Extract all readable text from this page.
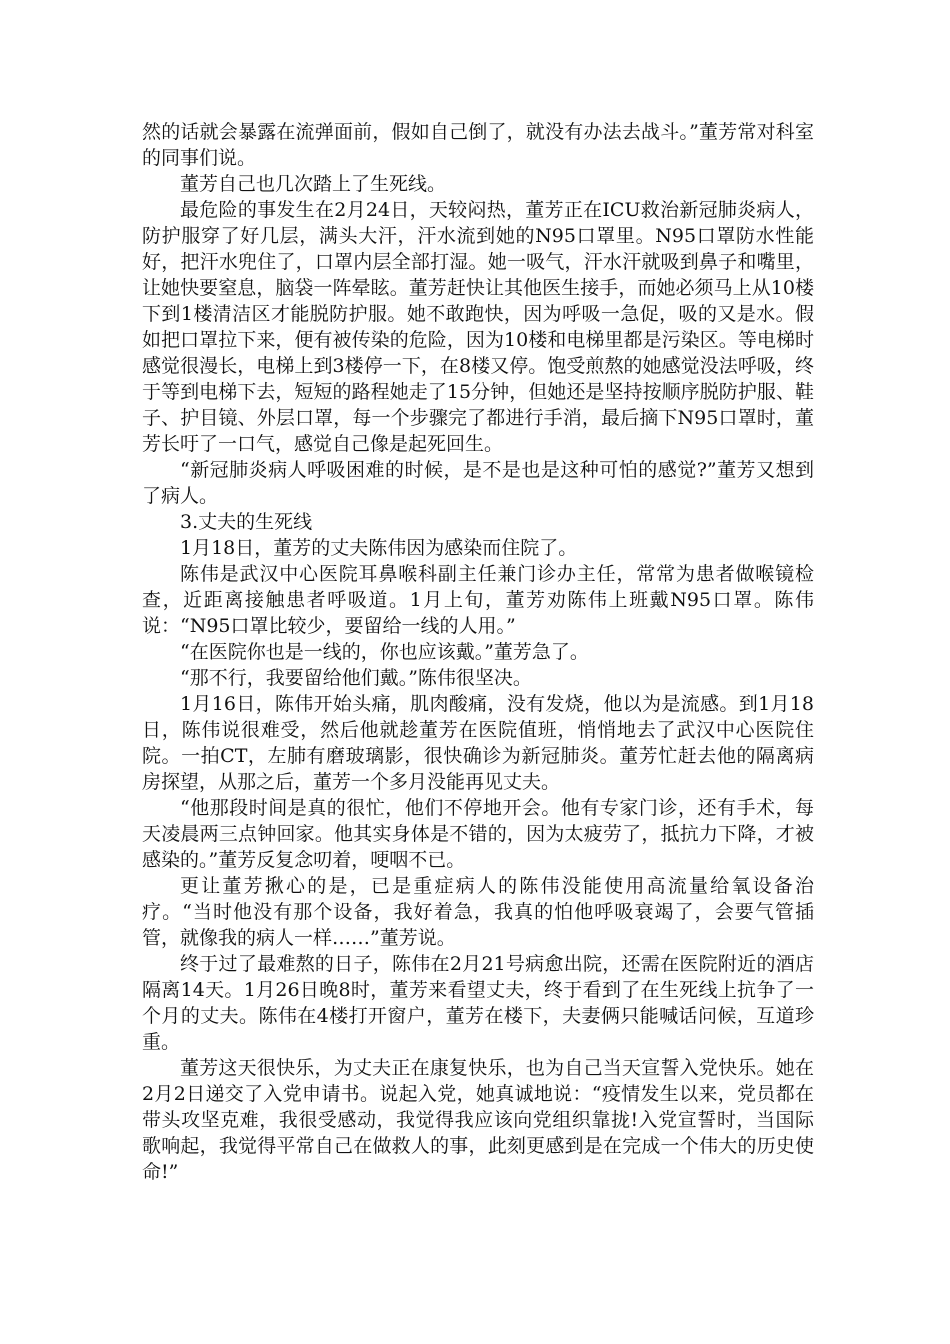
然的话就会暴露在流弹面前，假如自己倒了，就没有办法去战斗。”董芳常对科室的同事们说。

董芳自己也几次踏上了生死线。

最危险的事发生在2月24日，天较闷热，董芳正在ICU救治新冠肺炎病人，防护服穿了好几层，满头大汗，汗水流到她的N95口罩里。N95口罩防水性能好，把汗水兜住了，口罩内层全部打湿。她一吸气，汗水汗就吸到鼻子和嘴里，让她快要窒息，脑袋一阵晕眩。董芳赶快让其他医生接手，而她必须马上从10楼下到1楼清洁区才能脱防护服。她不敢跑快，因为呼吸一急促，吸的又是水。假如把口罩拉下来，便有被传染的危险，因为10楼和电梯里都是污染区。等电梯时感觉很漫长，电梯上到3楼停一下，在8楼又停。饱受煎熬的她感觉没法呼吸，终于等到电梯下去，短短的路程她走了15分钟，但她还是坚持按顺序脱防护服、鞋子、护目镜、外层口罩，每一个步骤完了都进行手消，最后摘下N95口罩时，董芳长吁了一口气，感觉自己像是起死回生。

“新冠肺炎病人呼吸困难的时候，是不是也是这种可怕的感觉?”董芳又想到了病人。

3.丈夫的生死线

1月18日，董芳的丈夫陈伟因为感染而住院了。

陈伟是武汉中心医院耳鼻喉科副主任兼门诊办主任，常常为患者做喉镜检查，近距离接触患者呼吸道。1月上旬，董芳劝陈伟上班戴N95口罩。陈伟说：“N95口罩比较少，要留给一线的人用。”

“在医院你也是一线的，你也应该戴。”董芳急了。

“那不行，我要留给他们戴。”陈伟很坚决。

1月16日，陈伟开始头痛，肌肉酸痛，没有发烧，他以为是流感。到1月18日，陈伟说很难受，然后他就趁董芳在医院值班，悄悄地去了武汉中心医院住院。一拍CT，左肺有磨玻璃影，很快确诊为新冠肺炎。董芳忙赶去他的隔离病房探望，从那之后，董芳一个多月没能再见丈夫。

“他那段时间是真的很忙，他们不停地开会。他有专家门诊，还有手术，每天凌晨两三点钟回家。他其实身体是不错的，因为太疲劳了，抵抗力下降，才被感染的。”董芳反复念叨着，哽咽不已。

更让董芳揪心的是，已是重症病人的陈伟没能使用高流量给氧设备治疗。“当时他没有那个设备，我好着急，我真的怕他呼吸衰竭了，会要气管插管，就像我的病人一样……”董芳说。

终于过了最难熬的日子，陈伟在2月21号病愈出院，还需在医院附近的酒店隔离14天。1月26日晚8时，董芳来看望丈夫，终于看到了在生死线上抗争了一个月的丈夫。陈伟在4楼打开窗户，董芳在楼下，夫妻俩只能喊话问候，互道珍重。

董芳这天很快乐，为丈夫正在康复快乐，也为自己当天宣誓入党快乐。她在2月2日递交了入党申请书。说起入党，她真诚地说：“疫情发生以来，党员都在带头攻坚克难，我很受感动，我觉得我应该向党组织靠拢!入党宣誓时，当国际歌响起，我觉得平常自己在做救人的事，此刻更感到是在完成一个伟大的历史使命!”
